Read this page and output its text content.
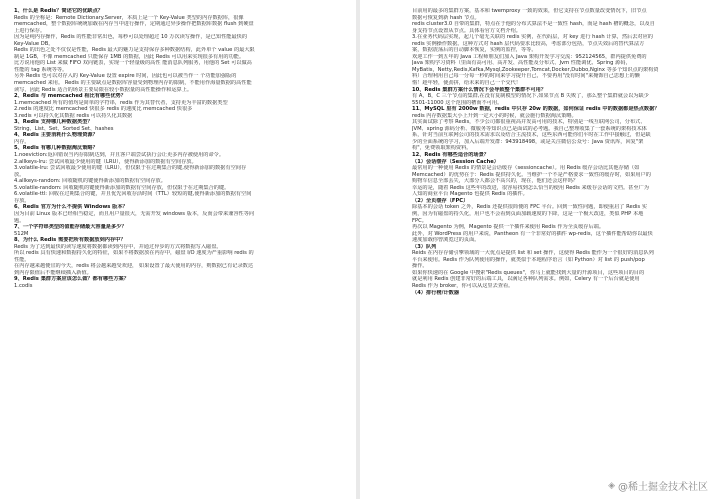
1、什么是 Redis？简述它的优缺点？
Redis 的全称是：Remote Dictionary.Server，本质上是一个 Key-Value 类型的内存数据库，很像
memcached，整个数据库统统加载在内存当中进行操作，定期通过异步操作把数据库数据 flush 到硬盘
上进行保存。
因为是纯内存操作，Redis 的性能非常出色，每秒可以处理超过 10 万次读写操作，是已知性能最快的
Key-Value DB。
Redis 的出色之处不仅仅是性能，Redis 最大的魅力是支持保存多种数据结构，此外单个 value 的最大限
制是 1GB，不像 memcached 只能保存 1MB 的数据，因此 Redis 可以用来实现很多有用的功能。
比方说用他的 List 来做 FIFO 双向链表，实现一个轻量级的高性 能消息队列服务，用他的 Set 可以做高
性能的 tag 系统等等。
另外 Redis 也可以对存入的 Key-Value 设置 expire 时间，因此也可以被当作一 个功能加强版的
memcached 来用。 Redis 的主要缺点是数据库容量受到物理内存的限制，不能用作海量数据的高性能
读写，因此 Redis 适合的场景主要局限在较小数据量的高性能操作和运算上。
2、Redis 与 memcached 相比有哪些优势？
1.memcached 所有的值均是简单的字符串，redis 作为其替代者，支持更为丰富的数据类型
2.redis 的速度比 memcached 快很多 redis 的速度比 memcached 快很多
3.redis 可以持久化其数据 redis 可以持久化其数据
3、Redis 支持哪几种数据类型？
String、List、Set、Sorted Set、hashes
4、Redis 主要消耗什么物理资源？
内存。
5、Redis 有哪几种数据淘汰策略？
1.noeviction:返回错误当内存限制达到，并且客户端尝试执行会让更多内存被使用的命令。
2.allkeys-lru: 尝试回收最少使用的键（LRU），使得新添加的数据有空间存放。
3.volatile-lru: 尝试回收最少使用的键（LRU），但仅限于在过期集合的键,使得新添加的数据有空间存
放。
4.allkeys-random: 回收随机的键使得新添加的数据有空间存放。
5.volatile-random: 回收随机的键使得新添加的数据有空间存放，但仅限于在过期集合的键。
6.volatile-ttl: 回收在过期集合的键，并且优先回收存活时间（TTL）较短的键,使得新添加的数据有空间
存放。
6、Redis 官方为什么不提供 Windows 版本？
因为目前 Linux 版本已经相当稳定，而且用户量很大，无需开发 windows 版本，反而会带来兼容性等问
题。
7、一个字符串类型的值能存储最大容量是多少？
512M
8、为什么 Redis 需要把所有数据放到内存中？
Redis 为了达到最快的读写速度将数据都读到内存中，并通过异步的方式将数据写入磁盘。
所以 redis 具有快速和数据持久化的特征，如果不将数据放在内存中，磁盘 I/O 速度为严重影响 redis 的
性能。
在内存越来越便宜的今天，redis 将会越来越受欢迎， 如果设置了最大使用的内存，则数据已有记录数达
到内存限值后不能继续插入新值。
9、Redis 集群方案应该怎么做？都有哪些方案？
1.codis
目前用的最多的集群方案，基本和 twemproxy 一致的效果，但它支持在节点数量改变情况下，旧节点
数据可恢复到新 hash 节点。
redis cluster3.0 自带的集群，特点在于他的分布式算法不是一致性 hash，而是 hash 槽的概念，以及自
身支持节点设置从节点。具体看官方文档介绍。
3.在业务代码层实现，起几个毫无关联的 redis 实例，在代码层，对 key 进行 hash 计算，然后去对应的
redis 实例操作数据。这种方式对 hash 层代码要求比较高，考虑部分包括，节点失效后的替代算法方
案，数据震荡后的自动脚本恢复，实例的监控，等等。
欢迎工作一到五年的 Java 工程师朋友们加入 Java 架构开发学习交流：952124565，群内提供免费的
Java 架构学习资料（里面有高可用、高并发、高性能及分布式、Jvm 性能调优、Spring 源码，
MyBatis，Netty,Redis,Kafka,Mysql,Zookeeper,Tomcat,Docker,Dubbo,Nginx 等多个知识点的架构资
料）合理利用自己每一分每一秒的时间来学习提升自己，不要再用"没有时间"来掩饰自己思想上的懒
惰！趁年轻，使劲拼，给未来的自己一个交代！
10、Redis 集群方案什么情况下会导致整个集群不可用？
有 A，B，C 三个节点的集群,在没有复制模型的情况下,如果节点 B 失败了，那么整个集群就会以为缺少
5501-11000 这个范围的槽而不可用。
11、MySQL 里有 2000w 数据，redis 中只存 20w 的数据，如何保证 redis 中的数据都是热点数据？
redis 内存数据集大小上升到一定大小的时候，就会施行数据淘汰策略。
其实面试除了考察 Redis，不少公司都很重视高并发高可用的技术，特别是一线互联网公司，分布式、
JVM、spring 源码分析、微服务等知识点已是面试的必考题。我自己整理收集了一套系统的架构技术体
系，针对当前互联网公司的技术需求以及结合主流技术，这些东西可能你们平时在工作中接触过，但是缺
少的全面系统的学习，加入后端开发群：943918498，或是关注微信公众号：Java 资讯库，回复"架
构"，免费领取架构资料。
12、Redis 有哪些适合的场景？
（1）会话缓存（Session Cache）
最常用的一种使用 Redis 的情景是会话缓存（sessioncache）。用 Redis 缓存会话比其他存储（如
Memcached）的优势在于：Redis 提供持久化。当维护一个不是严格要求一致性的缓存时，如果用户的
购物车信息全部丢失，大部分人都会不高兴的，现在，他们还会这样吗？
幸运的是，随着 Redis 这些年的改进，很容易找到怎么恰当的使用 Redis 来缓存会话的文档。甚至广为
人知的商业平台 Magento 也提供 Redis 的插件。
（2）全页缓存（FPC）
除基本的会话 token 之外，Redis 还提供很简便的 FPC 平台。回到一致性问题，即使重启了 Redis 实
例，因为有磁盘的持久化，用户也不会看到页面加载速度的下降，这是一个极大改进，类似 PHP 本地
FPC。
再次以 Magento 为例，Magento 提供一个插件来使用 Redis 作为全页缓存后端。
此外，对 WordPress 的用户来说，Pantheon 有一个非常好的插件 wp-redis，这个插件能帮助你以最快
速度加载你曾浏览过的页面。
（3）队列
Reids 在内存存储引擎领域的一大优点是提供 list 和 set 操作，这使得 Redis 能作为一个很好的消息队列
平台来使用。Redis 作为队列使用的操作，就类似于本地程序语言（如 Python）对 list 的 push/pop
操作。
如果你快速的在 Google 中搜索"Redis queues"，你马上就能找到大量的开源项目，这些项目的目的
就是利用 Redis 创建非常好的后端工具，以满足各种队列需求。例如，Celery 有一个后台就是使用
Redis 作为 broker，你可以从这里去查看。
（4）排行榜/计数器
◈ @稀土掘金技术社区
